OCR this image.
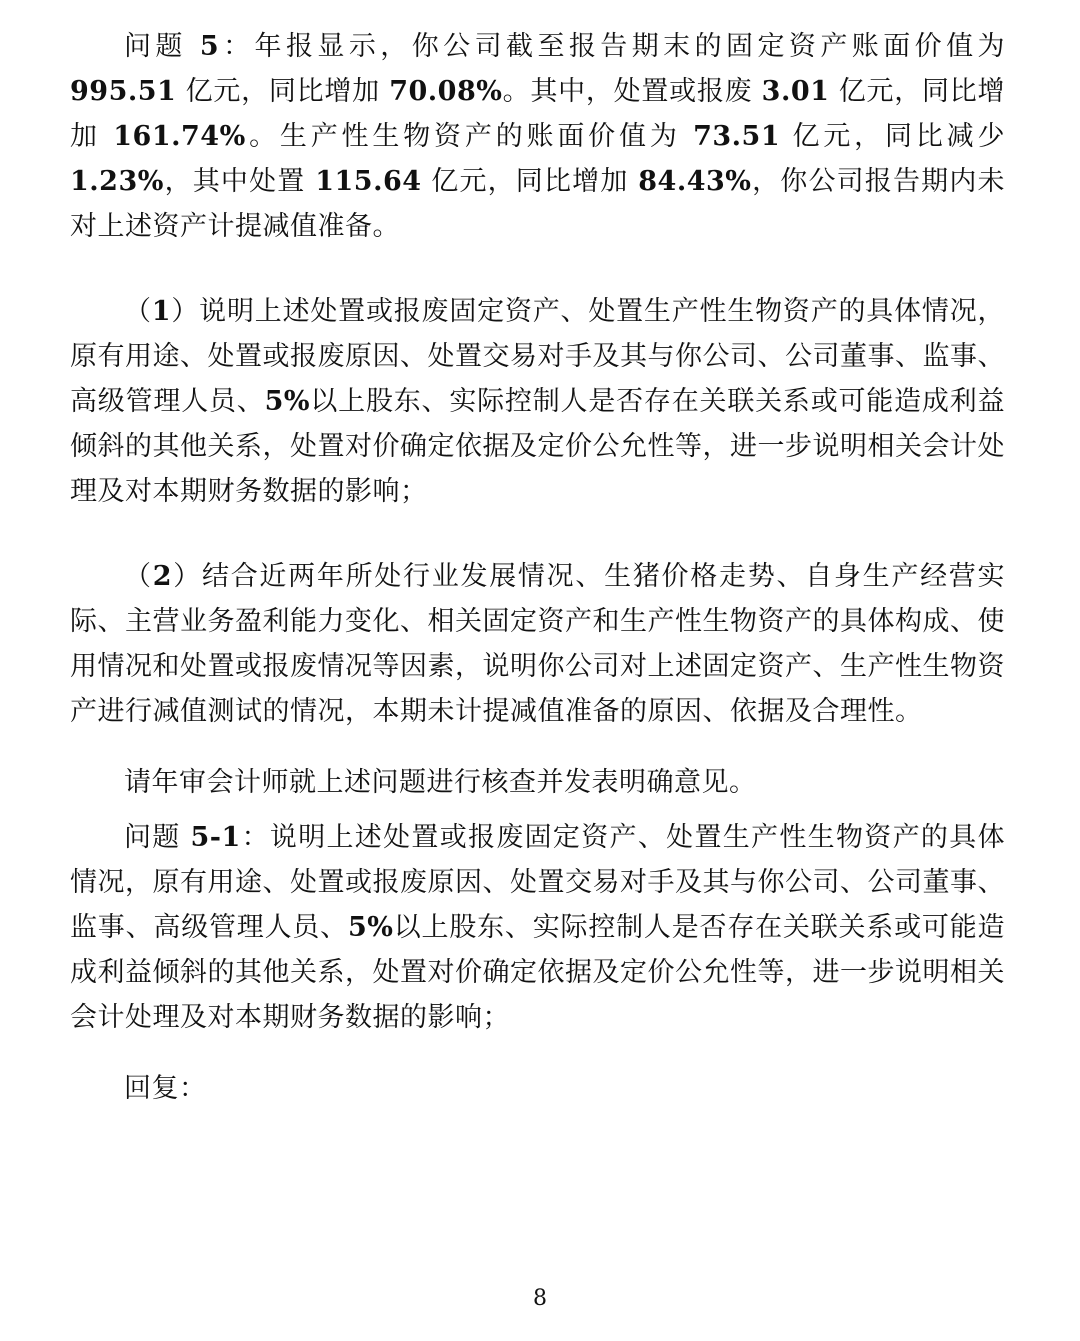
问题 5：年报显示，你公司截至报告期末的固定资产账面价值为 995.51 亿元，同比增加 70.08%。其中，处置或报废 3.01 亿元，同比增加 161.74%。生产性生物资产的账面价值为 73.51 亿元，同比减少 1.23%，其中处置 115.64 亿元，同比增加 84.43%，你公司报告期内未对上述资产计提减值准备。

（1）说明上述处置或报废固定资产、处置生产性生物资产的具体情况，原有用途、处置或报废原因、处置交易对手及其与你公司、公司董事、监事、高级管理人员、5%以上股东、实际控制人是否存在关联关系或可能造成利益倾斜的其他关系，处置对价确定依据及定价公允性等，进一步说明相关会计处理及对本期财务数据的影响；

（2）结合近两年所处行业发展情况、生猪价格走势、自身生产经营实际、主营业务盈利能力变化、相关固定资产和生产性生物资产的具体构成、使用情况和处置或报废情况等因素，说明你公司对上述固定资产、生产性生物资产进行减值测试的情况，本期未计提减值准备的原因、依据及合理性。

请年审会计师就上述问题进行核查并发表明确意见。

问题 5-1：说明上述处置或报废固定资产、处置生产性生物资产的具体情况，原有用途、处置或报废原因、处置交易对手及其与你公司、公司董事、监事、高级管理人员、5%以上股东、实际控制人是否存在关联关系或可能造成利益倾斜的其他关系，处置对价确定依据及定价公允性等，进一步说明相关会计处理及对本期财务数据的影响；

回复：

8
